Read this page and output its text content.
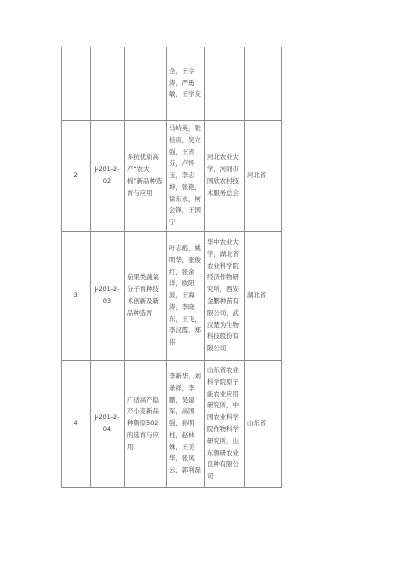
全，王令涛，严勇敏，王学友
2
J-201-2-02
多抗优质高产“农大棉”新品种选育与应用
马峙英，张桂寅，吴立强，王省芬，卢怀玉，李志坤，张艳，徐东永，柯会锋，王国宁
河北农业大学，河间市国欣农村技术服务总会
河北省
3
J-201-2-03
茄果类蔬菜分子育种技术创新及新品种选育
叶志彪，姚明华，张俊红，张余洋，欧阳波，王海涛，李晓东，王飞，李汉霞，郑伟
华中农业大学，湖北省农业科学院经济作物研究所，西安金鹏种苗有限公司，武汉楚为生物科技股份有限公司
湖北省
4
J-201-2-04
广适高产稳产小麦新品种鲁原502的选育与应用
李新华，刘录祥，李鹏，吴建军，高国强，孙明柱，赵林姝，王美华，张凤云，郭利磊
山东省农业科学院原子能农业应用研究所，中国农业科学院作物科学研究所，山东鲁研农业良种有限公司
山东省
